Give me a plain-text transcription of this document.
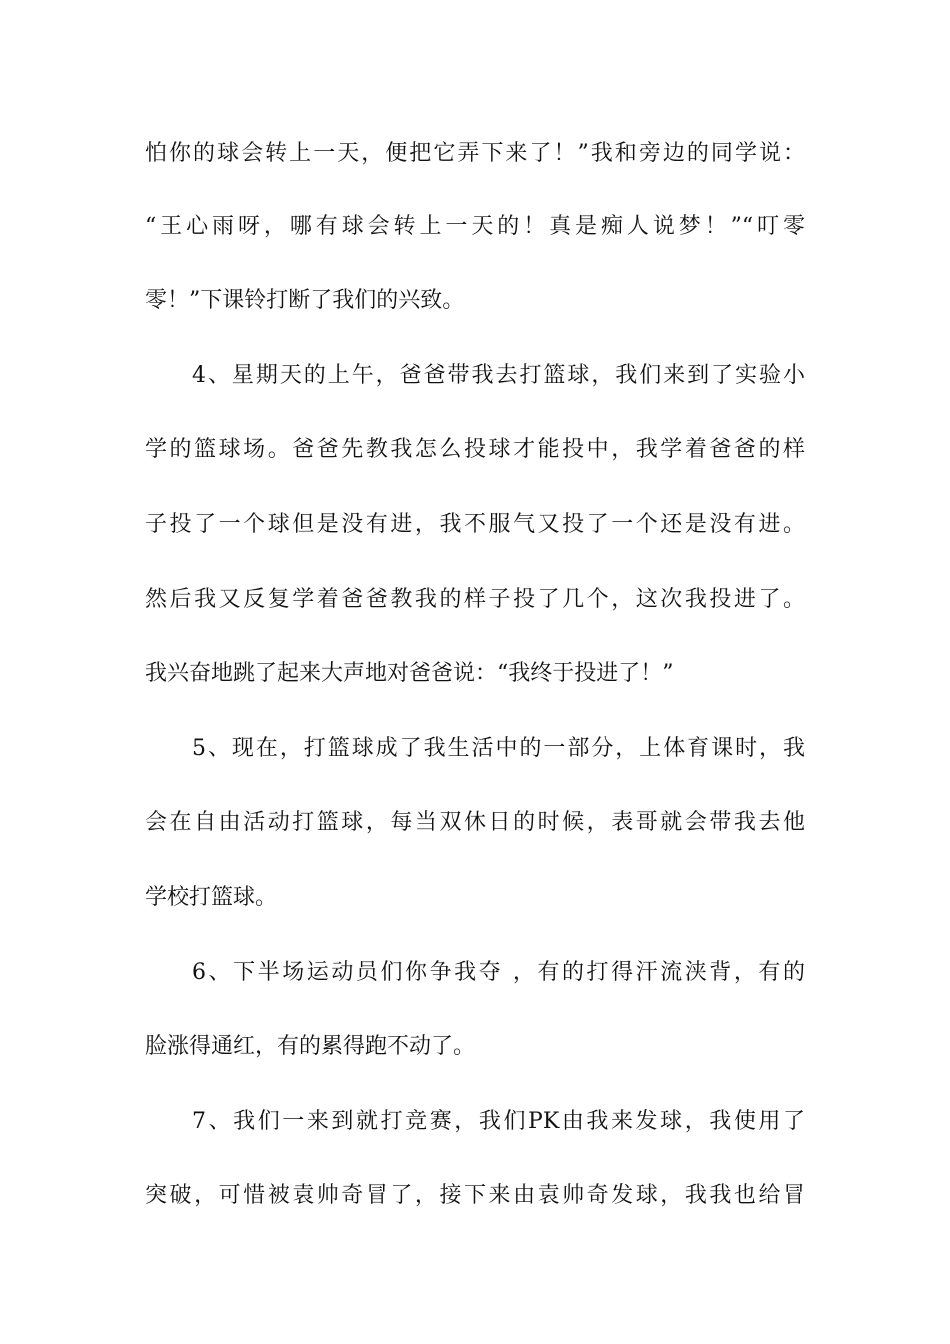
怕你的球会转上一天，便把它弄下来了！”我和旁边的同学说：
“王心雨呀，哪有球会转上一天的！真是痴人说梦！”“叮零
零！”下课铃打断了我们的兴致。
4、星期天的上午，爸爸带我去打篮球，我们来到了实验小
学的篮球场。爸爸先教我怎么投球才能投中，我学着爸爸的样
子投了一个球但是没有进，我不服气又投了一个还是没有进。
然后我又反复学着爸爸教我的样子投了几个，这次我投进了。
我兴奋地跳了起来大声地对爸爸说：“我终于投进了！”
5、现在，打篮球成了我生活中的一部分，上体育课时，我
会在自由活动打篮球，每当双休日的时候，表哥就会带我去他
学校打篮球。
6、下半场运动员们你争我夺 ，有的打得汗流浃背，有的
脸涨得通红，有的累得跑不动了。
7、我们一来到就打竞赛，我们PK由我来发球，我使用了
突破，可惜被袁帅奇冒了，接下来由袁帅奇发球，我我也给冒
